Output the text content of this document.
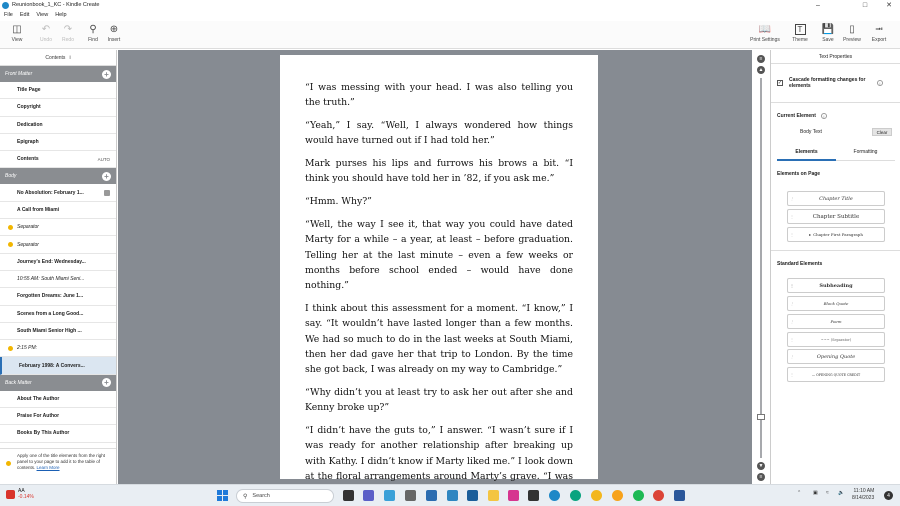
Reunionbook_1_KC - Kindle Create	–	□	✕
File Edit View Help
◫
View
↶
Undo
↷
Redo
⚲
Find
⊕
Insert
📖
Print Settings
T
Theme
💾
Save
▯
Preview
⭲
Export
Contents i
Front Matter	+
Title Page
Copyright
Dedication
Epigraph
Contents	AUTO
Body	+
No Absolution: February 1...
A Call from Miami
Separator
Separator
Journey's End: Wednesday...
10:55 AM: South Miami Seni...
Forgotten Dreams: June 1...
Scenes from a Long Good...
South Miami Senior High ...
2:15 PM:
February 1998: A Convers...
Back Matter	+
About The Author
Praise For Author
Books By This Author
Apply one of the title elements from the right panel to your page to add it to the table of contents. Learn More

“I was messing with your head. I was also telling you the truth.”

“Yeah,” I say. “Well, I always wondered how things would have turned out if I had told her.”

Mark purses his lips and furrows his brows a bit. “I think you should have told her in ’82, if you ask me.”

“Hmm. Why?”

“Well, the way I see it, that way you could have dated Marty for a while – a year, at least – before graduation. Telling her at the last minute – even a few weeks or months before school ended – would have done nothing.”

I think about this assessment for a moment. “I know,” I say. “It wouldn’t have lasted longer than a few months. We had so much to do in the last weeks at South Miami, then her dad gave her that trip to London. By the time she got back, I was already on my way to Cambridge.”

“Why didn’t you at least try to ask her out after she and Kenny broke up?”

“I didn’t have the guts to,” I answer. “I wasn’t sure if I was ready for another relationship after breaking up with Kathy. I didn’t know if Marty liked me.” I look down at the floral arrangements around Marty’s grave. “I was

≡
▲
▼
≡
Text Properties
✓ Cascade formatting changes for elements	i
Current Element	i
Body Text	Clear
Elements	Formatting
Elements on Page
⋮	Chapter Title
⋮	Chapter Subtitle
⋮	▸ Chapter First Paragraph
Standard Elements
⋮	Subheading
⋮	Block Quote
⋮	Poem
⋮	~~~ (Separator)
⋮	Opening Quote
⋮	— OPENING QUOTE CREDIT
AA
-0.14%	⚲ Search	⌃ ▣ ≈ 🔈 11:10 AM
8/14/2023	4
